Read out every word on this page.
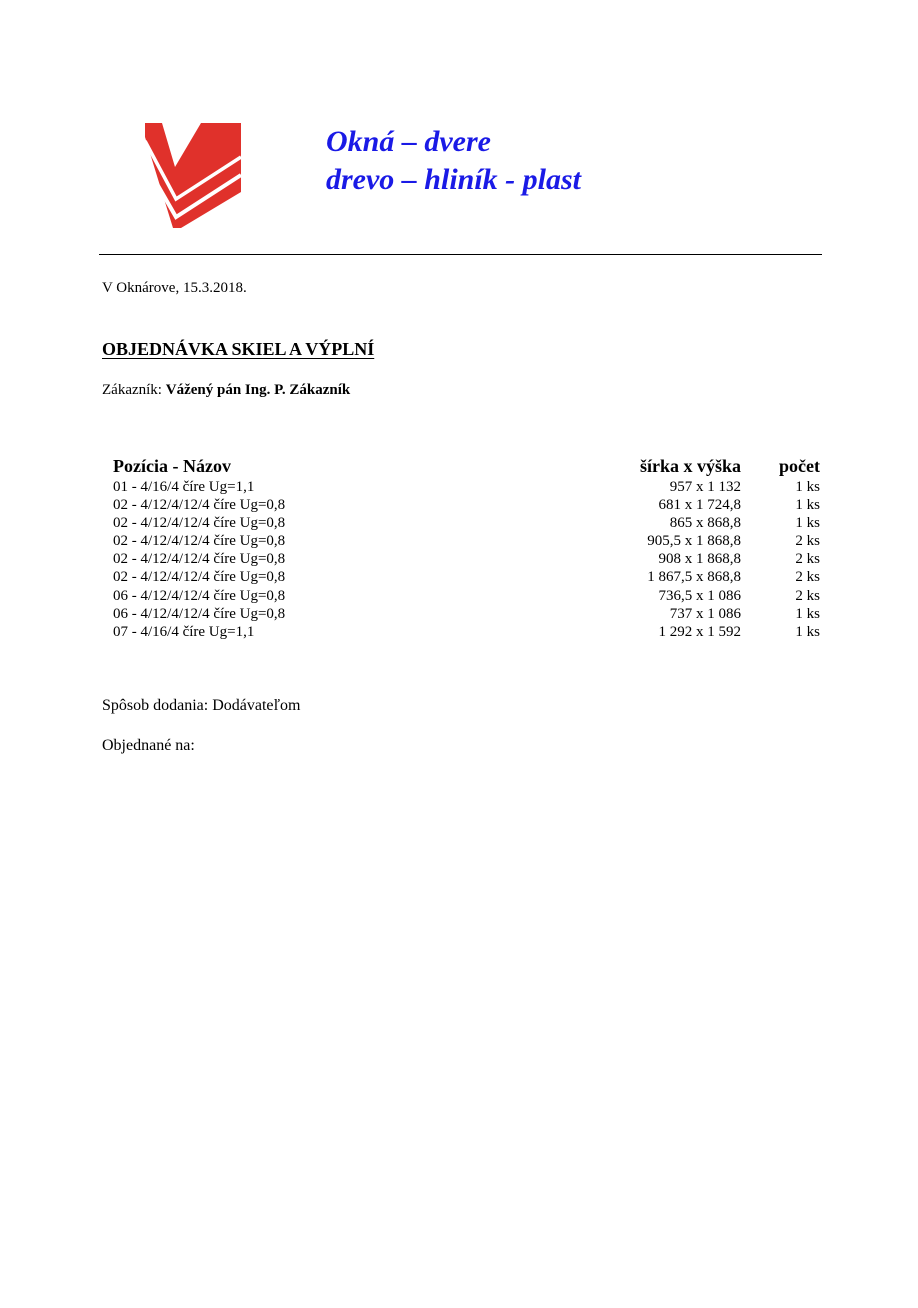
Okná – dvere
drevo – hliník - plast
V Oknárove, 15.3.2018.
OBJEDNÁVKA SKIEL A VÝPLNÍ
Zákazník: Vážený pán Ing. P. Zákazník
Pozícia - Názov	šírka x výška počet
01 - 4/16/4 číre Ug=1,1	957 x 1 132	1 ks
02 - 4/12/4/12/4 číre Ug=0,8	681 x 1 724,8	1 ks
02 - 4/12/4/12/4 číre Ug=0,8	865 x 868,8	1 ks
02 - 4/12/4/12/4 číre Ug=0,8	905,5 x 1 868,8	2 ks
02 - 4/12/4/12/4 číre Ug=0,8	908 x 1 868,8	2 ks
02 - 4/12/4/12/4 číre Ug=0,8	1 867,5 x 868,8	2 ks
06 - 4/12/4/12/4 číre Ug=0,8	736,5 x 1 086	2 ks
06 - 4/12/4/12/4 číre Ug=0,8	737 x 1 086	1 ks
07 - 4/16/4 číre Ug=1,1	1 292 x 1 592	1 ks
Spôsob dodania: Dodávateľom
Objednané na:
